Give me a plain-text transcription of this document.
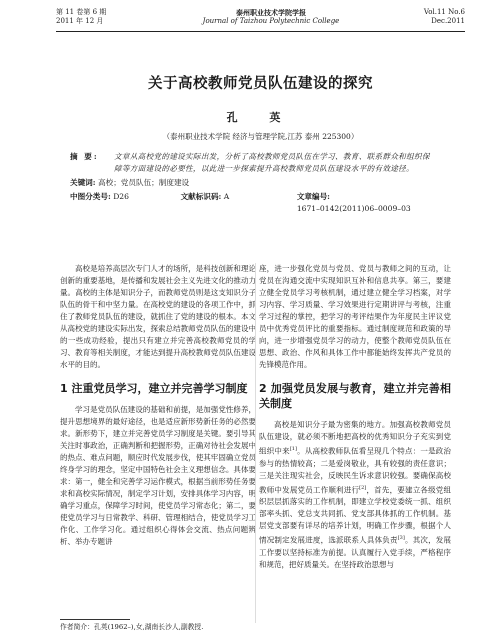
第 11 卷第 6 期
2011 年 12 月
泰州职业技术学院学报
Journal of Taizhou Polytechnic College
Vol.11 No.6
Dec.2011
关于高校教师党员队伍建设的探究
孔 英
（泰州职业技术学院 经济与管理学院,江苏 泰州 225300）
摘 要:	文章从高校党的建设实际出发，分析了高校教师党员队伍在学习、教育、联系群众和组织保障等方面建设的必要性，以此进一步探索提升高校教师党员队伍建设水平的有效途径。
关键词: 高校；党员队伍；制度建设
中图分类号: D26	文献标识码: A	文章编号: 1671–0142(2011)06–0009–03

高校是培养高层次专门人才的场所，是科技创新和理论创新的重要基地，是传播和发展社会主义先进文化的推动力量。高校的主体是知识分子，而教师党员则是这支知识分子队伍的骨干和中坚力量。在高校党的建设的各项工作中，抓住了教师党员队伍的建设，就抓住了党的建设的根本。本文从高校党的建设实际出发，探索总结教师党员队伍的建设中的一些成功经验，提出只有建立并完善高校教师党员的学习、教育等相关制度，才能达到提升高校教师党员队伍建设水平的目的。

1 注重党员学习，建立并完善学习制度

学习是党员队伍建设的基础和前提，是加强党性修养，提升思想境界的最好途径，也是适应新形势新任务的必然要求。新形势下，建立并完善党员学习制度是关键。要引导其关注时事政治，正确判断和把握形势，正确对待社会发展中的热点、难点问题，顺应时代发展步伐，使其牢固确立党员终身学习的理念，坚定中国特色社会主义理想信念。具体要求：第一，健全和完善学习运作模式，根据当前形势任务要求和高校实际情况，制定学习计划，安排具体学习内容，明确学习重点，保障学习时间，使党员学习常态化；第二，要使党员学习与日常教学、科研、管理相结合，使党员学习工作化、工作学习化。通过组织心得体会交流、热点问题辨析、举办专题讲

座，进一步强化党员与党员、党员与教师之间的互动，让党员在沟通交流中实现知识互补和信息共享。第三，要建立健全党员学习考核机制，通过建立健全学习档案，对学习内容、学习质量、学习效果进行定期讲评与考核，注重学习过程的掌控，把学习的考评结果作为年度民主评议党员中优秀党员评比的重要指标。通过制度规范和政策的导向，进一步增强党员学习的动力，使整个教师党员队伍在思想、政治、作风和具体工作中都能始终发挥共产党员的先锋模范作用。

2 加强党员发展与教育，建立并完善相关制度

高校是知识分子最为密集的地方。加强高校教师党员队伍建设，就必须不断地把高校的优秀知识分子充实到党组织中来[1]。从高校教师队伍看呈现几个特点：一是政治参与的热情较高；二是爱岗敬业，具有较强的责任意识；三是关注现实社会，反映民生诉求意识较强。要确保高校教师中发展党员工作顺利进行[2]，首先，要建立各级党组织层层抓落实的工作机制，即建立学校党委统一抓、组织部率头抓、党总支共同抓、党支部具体抓的工作机制。基层党支部要有详尽的培养计划，明确工作步骤，根据个人情况制定发展进度，选派联系人具体负责[3]。其次，发展工作要以坚持标准为前提。认真履行入党手续，严格程序和规范，把好质量关。在坚持政治思想与

作者简介：孔英(1962–),女,湖南长沙人,副教授.
